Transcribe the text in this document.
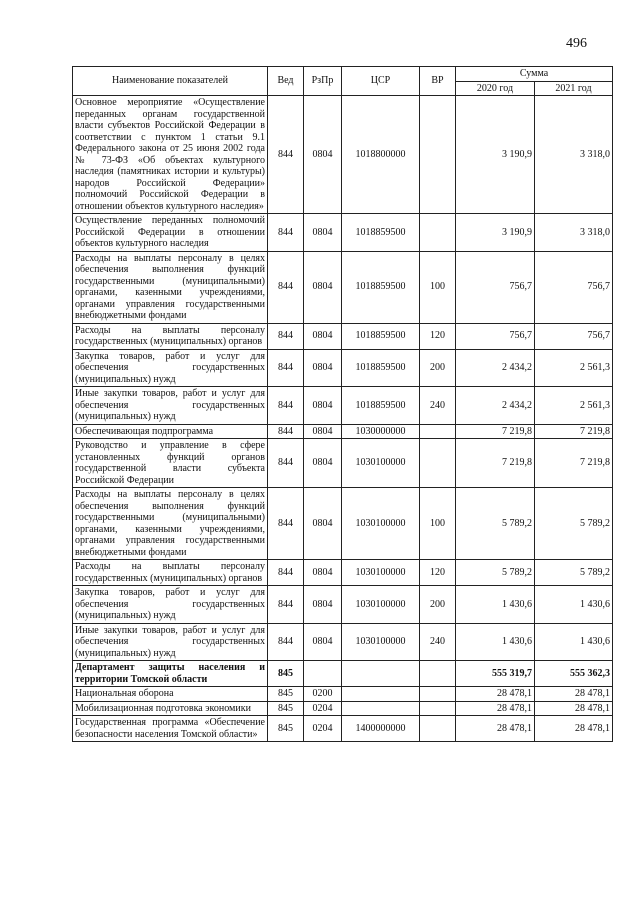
496
Наименование показателей	Вед	РзПр	ЦСР	ВР	Сумма	
					2020 год	2021 год
Основное мероприятие «Осуществление переданных органам государственной власти субъектов Российской Федерации в соответствии с пунктом 1 статьи 9.1 Федерального закона от 25 июня 2002 года № 73-ФЗ «Об объектах культурного наследия (памятниках истории и культуры) народов Российской Федерации» полномочий Российской Федерации в отношении объектов культурного наследия»	844	0804	1018800000		3 190,9	3 318,0
Осуществление переданных полномочий Российской Федерации в отношении объектов культурного наследия	844	0804	1018859500		3 190,9	3 318,0
Расходы на выплаты персоналу в целях обеспечения выполнения функций государственными (муниципальными) органами, казенными учреждениями, органами управления государственными внебюджетными фондами	844	0804	1018859500	100	756,7	756,7
Расходы на выплаты персоналу государственных (муниципальных) органов	844	0804	1018859500	120	756,7	756,7
Закупка товаров, работ и услуг для обеспечения государственных (муниципальных) нужд	844	0804	1018859500	200	2 434,2	2 561,3
Иные закупки товаров, работ и услуг для обеспечения государственных (муниципальных) нужд	844	0804	1018859500	240	2 434,2	2 561,3
Обеспечивающая подпрограмма	844	0804	1030000000		7 219,8	7 219,8
Руководство и управление в сфере установленных функций органов государственной власти субъекта Российской Федерации	844	0804	1030100000		7 219,8	7 219,8
Расходы на выплаты персоналу в целях обеспечения выполнения функций государственными (муниципальными) органами, казенными учреждениями, органами управления государственными внебюджетными фондами	844	0804	1030100000	100	5 789,2	5 789,2
Расходы на выплаты персоналу государственных (муниципальных) органов	844	0804	1030100000	120	5 789,2	5 789,2
Закупка товаров, работ и услуг для обеспечения государственных (муниципальных) нужд	844	0804	1030100000	200	1 430,6	1 430,6
Иные закупки товаров, работ и услуг для обеспечения государственных (муниципальных) нужд	844	0804	1030100000	240	1 430,6	1 430,6
Департамент защиты населения и территории Томской области	845				555 319,7	555 362,3
Национальная оборона	845	0200			28 478,1	28 478,1
Мобилизационная подготовка экономики	845	0204			28 478,1	28 478,1
Государственная программа «Обеспечение безопасности населения Томской области»	845	0204	1400000000		28 478,1	28 478,1
